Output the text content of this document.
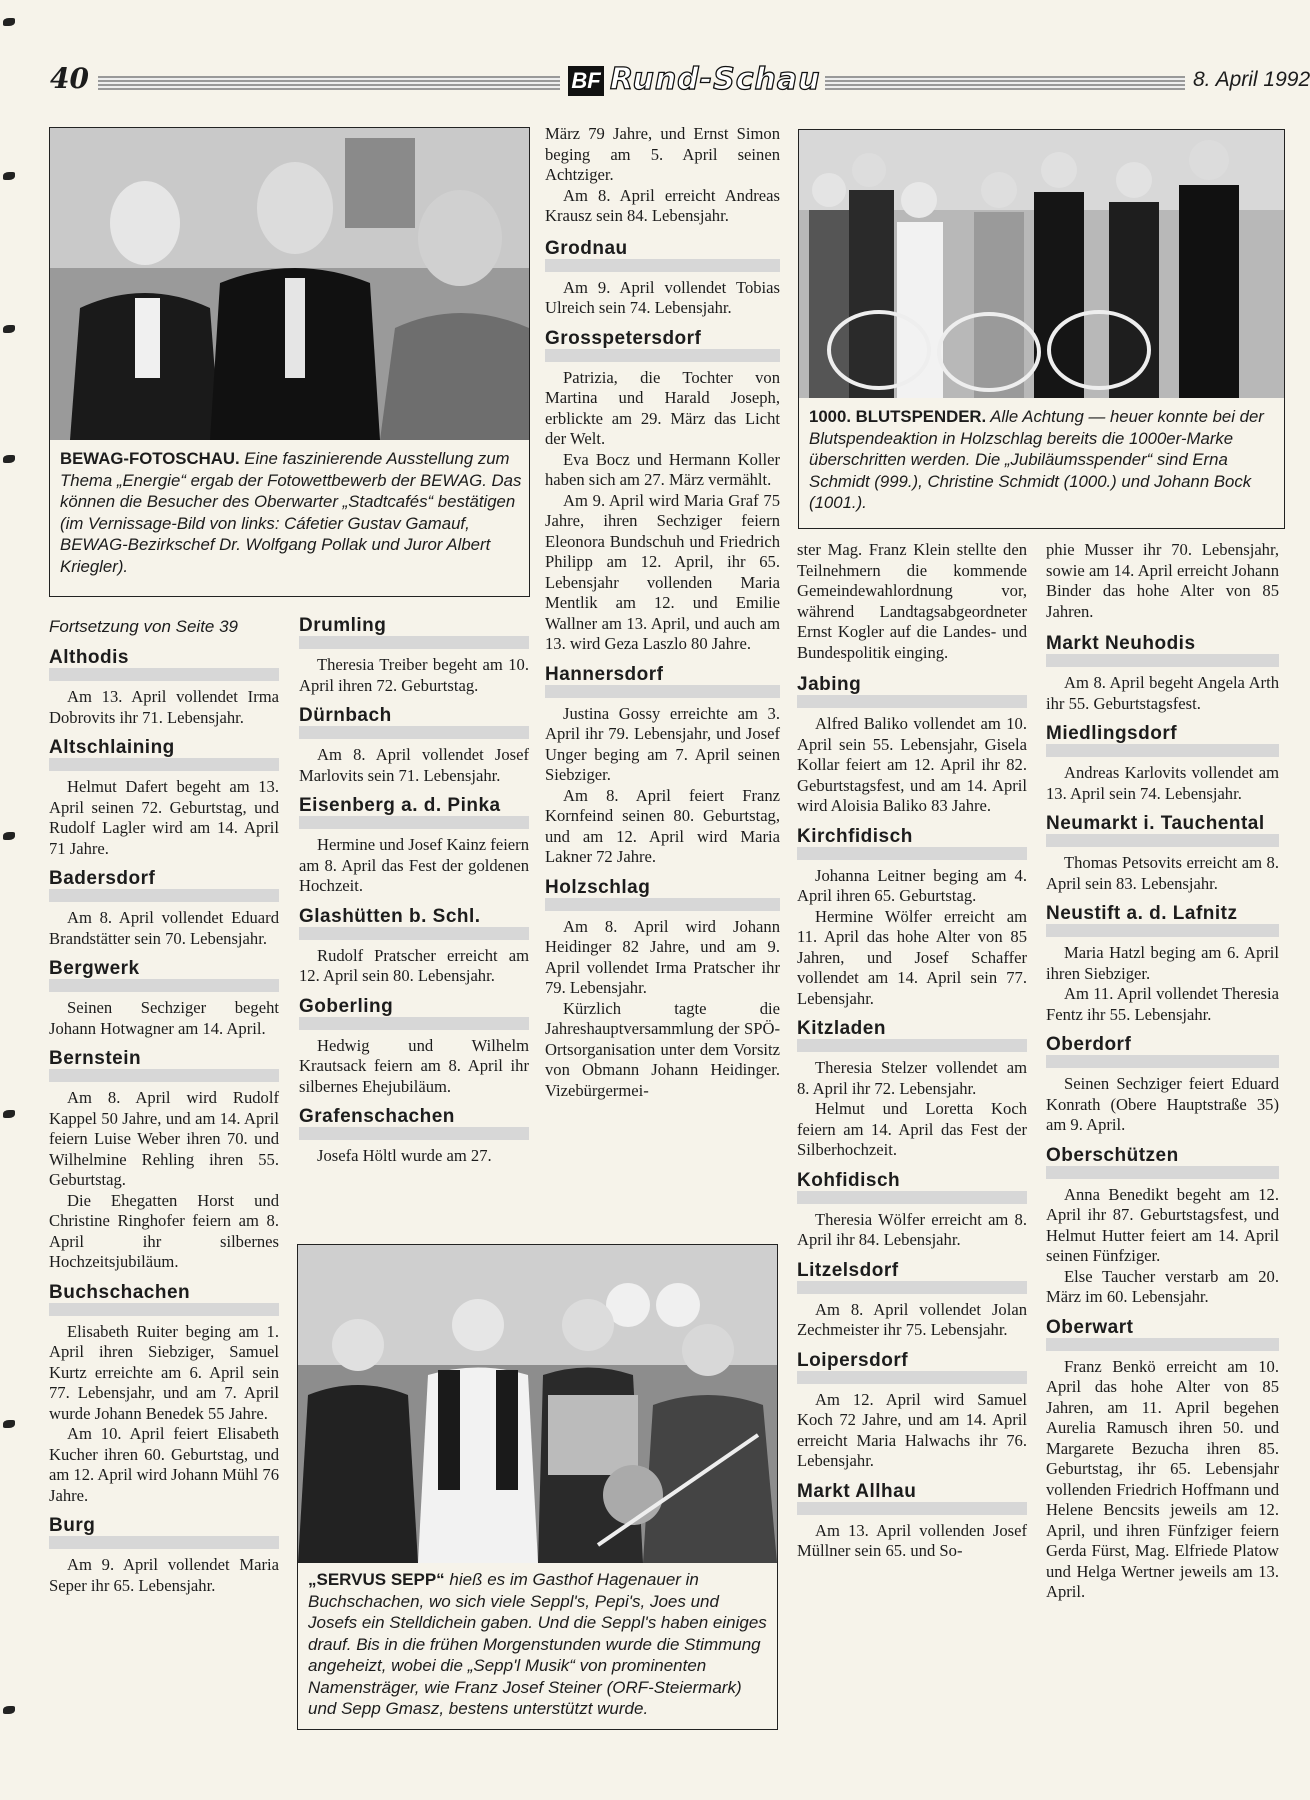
40	BF Rund-Schau	8. April 1992
BEWAG-FOTOSCHAU. Eine faszinierende Ausstellung zum Thema „Energie“ ergab der Fotowettbewerb der BEWAG. Das können die Besucher des Oberwarter „Stadtcafés“ bestätigen (im Vernissage-Bild von links: Cáfetier Gustav Gamauf, BEWAG-Bezirkschef Dr. Wolfgang Pollak und Juror Albert Kriegler).
1000. BLUTSPENDER. Alle Achtung — heuer konnte bei der Blutspendeaktion in Holzschlag bereits die 1000er-Marke überschritten werden. Die „Jubiläumsspender“ sind Erna Schmidt (999.), Christine Schmidt (1000.) und Johann Bock (1001.).
„SERVUS SEPP“ hieß es im Gasthof Hagenauer in Buchschachen, wo sich viele Seppl's, Pepi's, Joes und Josefs ein Stelldichein gaben. Und die Seppl's haben einiges drauf. Bis in die frühen Morgenstunden wurde die Stimmung angeheizt, wobei die „Sepp'l Musik“ von prominenten Namensträger, wie Franz Josef Steiner (ORF-Steiermark) und Sepp Gmasz, bestens unterstützt wurde.
Fortsetzung von Seite 39
Althodis

Am 13. April vollendet Irma Dobrovits ihr 71. Lebensjahr.

Altschlaining

Helmut Dafert begeht am 13. April seinen 72. Geburtstag, und Rudolf Lagler wird am 14. April 71 Jahre.

Badersdorf

Am 8. April vollendet Eduard Brandstätter sein 70. Lebensjahr.

Bergwerk

Seinen Sechziger begeht Johann Hotwagner am 14. April.

Bernstein

Am 8. April wird Rudolf Kappel 50 Jahre, und am 14. April feiern Luise Weber ihren 70. und Wilhelmine Rehling ihren 55. Geburtstag.

Die Ehegatten Horst und Christine Ringhofer feiern am 8. April ihr silbernes Hochzeitsjubiläum.

Buchschachen

Elisabeth Ruiter beging am 1. April ihren Siebziger, Samuel Kurtz erreichte am 6. April sein 77. Lebensjahr, und am 7. April wurde Johann Benedek 55 Jahre.

Am 10. April feiert Elisabeth Kucher ihren 60. Geburtstag, und am 12. April wird Johann Mühl 76 Jahre.

Burg

Am 9. April vollendet Maria Seper ihr 65. Lebensjahr.

Drumling

Theresia Treiber begeht am 10. April ihren 72. Geburtstag.

Dürnbach

Am 8. April vollendet Josef Marlovits sein 71. Lebensjahr.

Eisenberg a. d. Pinka

Hermine und Josef Kainz feiern am 8. April das Fest der goldenen Hochzeit.

Glashütten b. Schl.

Rudolf Pratscher erreicht am 12. April sein 80. Lebensjahr.

Goberling

Hedwig und Wilhelm Krautsack feiern am 8. April ihr silbernes Ehejubiläum.

Grafenschachen

Josefa Höltl wurde am 27.

März 79 Jahre, und Ernst Simon beging am 5. April seinen Achtziger.

Am 8. April erreicht Andreas Krausz sein 84. Lebensjahr.

Grodnau

Am 9. April vollendet Tobias Ulreich sein 74. Lebensjahr.

Grosspetersdorf

Patrizia, die Tochter von Martina und Harald Joseph, erblickte am 29. März das Licht der Welt.

Eva Bocz und Hermann Koller haben sich am 27. März vermählt.

Am 9. April wird Maria Graf 75 Jahre, ihren Sechziger feiern Eleonora Bundschuh und Friedrich Philipp am 12. April, ihr 65. Lebensjahr vollenden Maria Mentlik am 12. und Emilie Wallner am 13. April, und auch am 13. wird Geza Laszlo 80 Jahre.

Hannersdorf

Justina Gossy erreichte am 3. April ihr 79. Lebensjahr, und Josef Unger beging am 7. April seinen Siebziger.

Am 8. April feiert Franz Kornfeind seinen 80. Geburtstag, und am 12. April wird Maria Lakner 72 Jahre.

Holzschlag

Am 8. April wird Johann Heidinger 82 Jahre, und am 9. April vollendet Irma Pratscher ihr 79. Lebensjahr.

Kürzlich tagte die Jahreshauptversammlung der SPÖ-Ortsorganisation unter dem Vorsitz von Obmann Johann Heidinger. Vizebürgermei-

ster Mag. Franz Klein stellte den Teilnehmern die kommende Gemeindewahlordnung vor, während Landtagsabgeordneter Ernst Kogler auf die Landes- und Bundespolitik einging.

Jabing

Alfred Baliko vollendet am 10. April sein 55. Lebensjahr, Gisela Kollar feiert am 12. April ihr 82. Geburtstagsfest, und am 14. April wird Aloisia Baliko 83 Jahre.

Kirchfidisch

Johanna Leitner beging am 4. April ihren 65. Geburtstag.

Hermine Wölfer erreicht am 11. April das hohe Alter von 85 Jahren, und Josef Schaffer vollendet am 14. April sein 77. Lebensjahr.

Kitzladen

Theresia Stelzer vollendet am 8. April ihr 72. Lebensjahr.

Helmut und Loretta Koch feiern am 14. April das Fest der Silberhochzeit.

Kohfidisch

Theresia Wölfer erreicht am 8. April ihr 84. Lebensjahr.

Litzelsdorf

Am 8. April vollendet Jolan Zechmeister ihr 75. Lebensjahr.

Loipersdorf

Am 12. April wird Samuel Koch 72 Jahre, und am 14. April erreicht Maria Halwachs ihr 76. Lebensjahr.

Markt Allhau

Am 13. April vollenden Josef Müllner sein 65. und So-

phie Musser ihr 70. Lebensjahr, sowie am 14. April erreicht Johann Binder das hohe Alter von 85 Jahren.

Markt Neuhodis

Am 8. April begeht Angela Arth ihr 55. Geburtstagsfest.

Miedlingsdorf

Andreas Karlovits vollendet am 13. April sein 74. Lebensjahr.

Neumarkt i. Tauchental

Thomas Petsovits erreicht am 8. April sein 83. Lebensjahr.

Neustift a. d. Lafnitz

Maria Hatzl beging am 6. April ihren Siebziger.

Am 11. April vollendet Theresia Fentz ihr 55. Lebensjahr.

Oberdorf

Seinen Sechziger feiert Eduard Konrath (Obere Hauptstraße 35) am 9. April.

Oberschützen

Anna Benedikt begeht am 12. April ihr 87. Geburtstagsfest, und Helmut Hutter feiert am 14. April seinen Fünfziger.

Else Taucher verstarb am 20. März im 60. Lebensjahr.

Oberwart

Franz Benkö erreicht am 10. April das hohe Alter von 85 Jahren, am 11. April begehen Aurelia Ramusch ihren 50. und Margarete Bezucha ihren 85. Geburtstag, ihr 65. Lebensjahr vollenden Friedrich Hoffmann und Helene Bencsits jeweils am 12. April, und ihren Fünfziger feiern Gerda Fürst, Mag. Elfriede Platow und Helga Wertner jeweils am 13. April.
